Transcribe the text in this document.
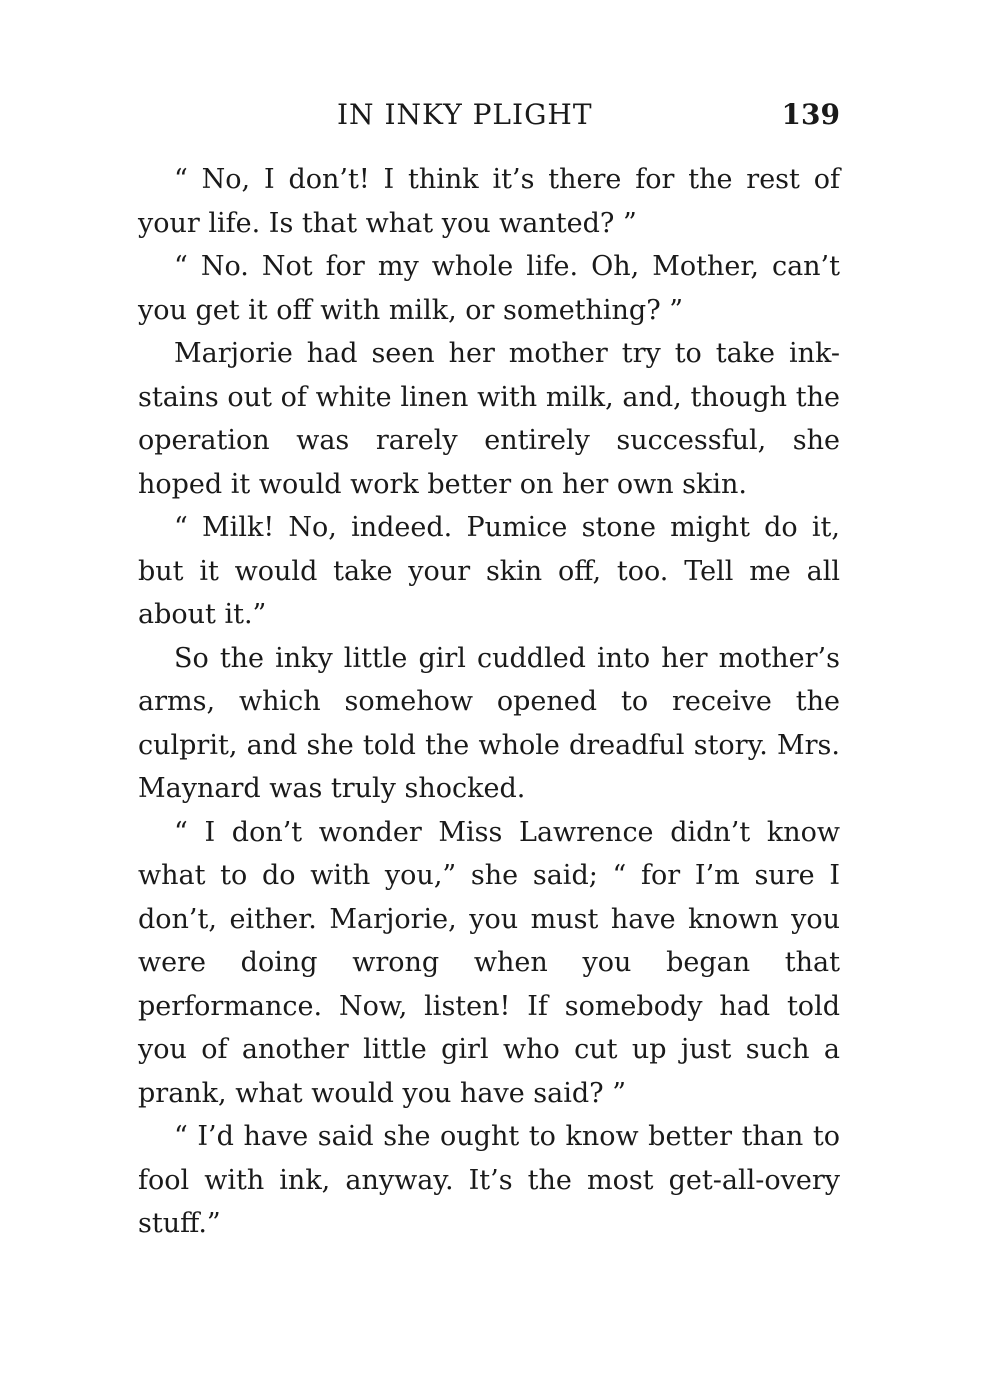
IN INKY PLIGHT	139

“ No, I don’t! I think it’s there for the rest of your life. Is that what you wanted? ”

“ No. Not for my whole life. Oh, Mother, can’t you get it off with milk, or something? ”

Marjorie had seen her mother try to take ink-stains out of white linen with milk, and, though the operation was rarely entirely successful, she hoped it would work better on her own skin.

“ Milk! No, indeed. Pumice stone might do it, but it would take your skin off, too. Tell me all about it.”

So the inky little girl cuddled into her mother’s arms, which somehow opened to receive the culprit, and she told the whole dreadful story. Mrs. Maynard was truly shocked.

“ I don’t wonder Miss Lawrence didn’t know what to do with you,” she said; “ for I’m sure I don’t, either. Marjorie, you must have known you were doing wrong when you began that performance. Now, listen! If somebody had told you of another little girl who cut up just such a prank, what would you have said? ”

“ I’d have said she ought to know better than to fool with ink, anyway. It’s the most get-all-overy stuff.”
